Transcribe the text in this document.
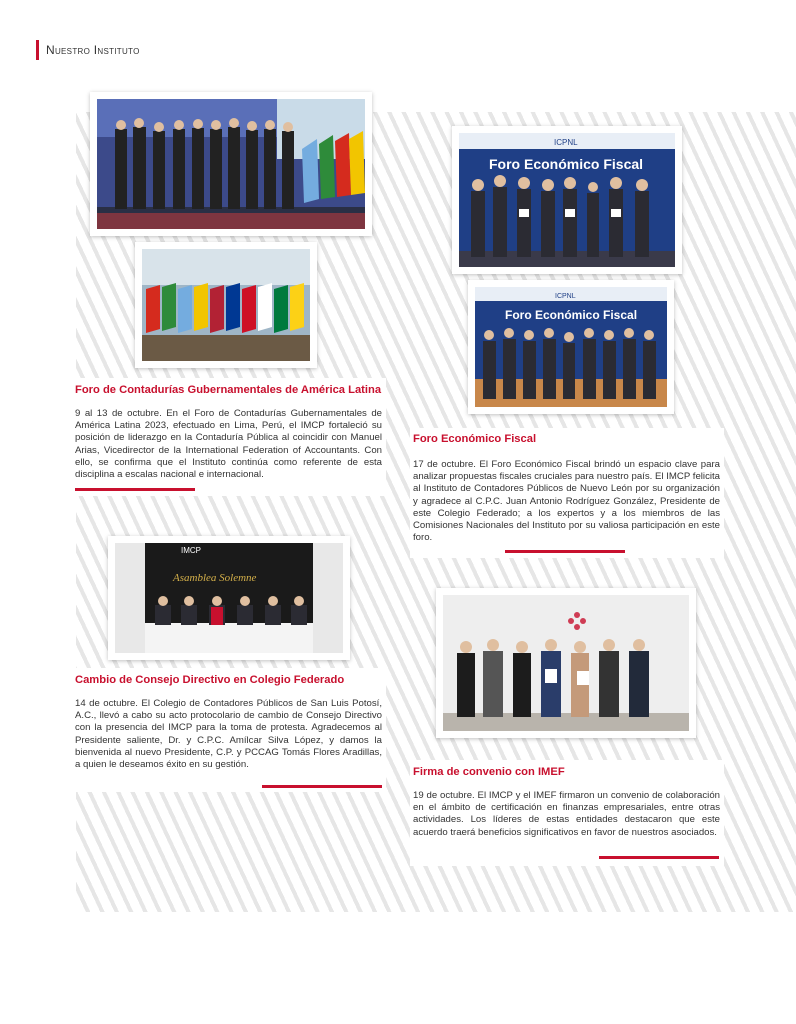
Nuestro Instituto
ICPNL
Foro Económico Fiscal
ICPNL
Foro Económico Fiscal
IMCP
Asamblea Solemne
Foro de Contadurías Gubernamentales de América Latina
9 al 13 de octubre. En el Foro de Contadurías Gubernamentales de América Latina 2023, efectuado en Lima, Perú, el IMCP fortaleció su posición de liderazgo en la Contaduría Pública al coincidir con Manuel Arias, Vicedirector de la International Federation of Accountants. Con ello, se confirma que el Instituto continúa como referente de esta disciplina a escalas nacional e internacional.
Foro Económico Fiscal
17 de octubre. El Foro Económico Fiscal brindó un espacio clave para analizar propuestas fiscales cruciales para nuestro país. El IMCP felicita al Instituto de Contadores Públicos de Nuevo León por su organización y agradece al C.P.C. Juan Antonio Rodríguez González, Presidente de este Colegio Federado; a los expertos y a los miembros de las Comisiones Nacionales del Instituto por su valiosa participación en este foro.
Cambio de Consejo Directivo en Colegio Federado
14 de octubre. El Colegio de Contadores Públicos de San Luis Potosí, A.C., llevó a cabo su acto protocolario de cambio de Consejo Directivo con la presencia del IMCP para la toma de protesta. Agradecemos al Presidente saliente, Dr. y C.P.C. Amílcar Silva López, y damos la bienvenida al nuevo Presidente, C.P. y PCCAG Tomás Flores Aradillas, a quien le deseamos éxito en su gestión.
Firma de convenio con IMEF
19 de octubre. El IMCP y el IMEF firmaron un convenio de colaboración en el ámbito de certificación en finanzas empresariales, entre otras actividades. Los líderes de estas entidades destacaron que este acuerdo traerá beneficios significativos en favor de nuestros asociados.
